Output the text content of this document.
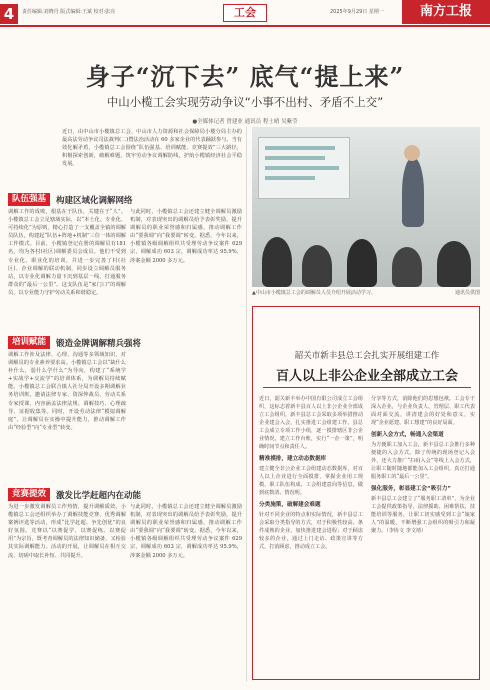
4	责任编辑:刘晓丹 版式编辑:王斌 校对:张亮	工会	2025年9月29日 星期一	南方工报
身子“沉下去” 底气“提上来”
中山小榄工会实现劳动争议“小事不出村、矛盾不上交”
●全媒体记者 曾建业 通讯员 程土晴 吴紫莹
近日，由中山市小榄镇总工会、中山市人力资源和社会保障局小榄分局主办的最高法劳动争议司法裁判(二)暨法治活动在 60 多家企业的代表踊跃参与。当有效化解矛盾，小榄镇总工会围绕“队伍强基、培训赋能、竞赛提效”三大路径，积极探索创新，破解难题，筑牢劳动争议调解防线，护航小榄镇经济社会平稳发展。
队伍强基	构建区域化调解网络
调解工作的成败，根基在于队伍，关键在于“人”。小榄镇总工会立足辖域实际，以“本土化、专业化、可持续化”为原则，精心打造了一支覆盖全镇的调解员队伍，构建起“队伍+阵地+机制”三位一体的调解工作模式。目前，小榄镇登记在册的调解员有181名，均为各村(社区)调解委员会成员。他们不受到专业化、职业化的培训，并进一步完善了村(社区)、企业调解的联动机制，同步设立调解员服务站，以专业化调解力量下沉到基层一线，打通服务群众的“最后一公里”。这支队伍是“家门口”的调解员，以专业能力守护劳动关系和谐稳定。
培训赋能	锻造金牌调解精兵强将
调解工作涉及法律、心理、沟通等多领域知识，对调解员的专业素养要求高。小榄镇总工会以“缺什么补什么，弱什么学什么”为导向，构建了“系统学+实战学+交流学”的培训体系，为调解员持续赋能。小榄镇总工会联合镇人社分局开设多期调解业务培训班，邀请法律专家、资深仲裁员、劳动关系专家授课，内容涵盖法律法规、调解技巧、心理疏导、证据收集等。同时，开设劳动法律“模拟调解庭”，让调解员在实操中提升能力，推动调解工作由“经验型”向“专业型”转变。
与此同时，小榄镇总工会还建立健全调解员激励机制，对表现突出的调解员给予表彰奖励，提升调解员的职业荣誉感和归属感，推动调解工作由“要我调”向“我要调”转变。据悉，今年以来，小榄镇各级调解组织共受理劳动争议案件 629 宗，调解成功 603 宗，调解成功率达 95.9%，涉案金额 2000 多万元。
竞赛提效	激发比学赶超内在动能
为进一步激发调解员工作热情，提升调解质效，小榄镇总工会还组织举办了调解技能竞赛、优秀调解案例评选等活动，形成“比学赶超、争先创优”的良好氛围。竞赛以“以赛促学、以赛促练、以赛促用”为宗旨，既考查调解员的法律知识储备，又检验其实际调解能力。活动的开展，让调解员在相互交流、切磋中取长补短、共同提升。
与此同时，小榄镇总工会还建立健全调解员激励机制，对表现突出的调解员给予表彰奖励，提升调解员的职业荣誉感和归属感，推动调解工作由“要我调”向“我要调”转变。据悉，今年以来，小榄镇各级调解组织共受理劳动争议案件 629 宗，调解成功 603 宗，调解成功率达 95.9%，涉案金额 2000 多万元。
▲中山市小榄镇总工会的调解员人员介绍开展活动学习。	通讯员供图
韶关市新丰县总工会扎实开展组建工作
百人以上非公企业全部成立工会
近日，韶关新丰举办中国有限公司成立工会组织，这标志着新丰县百人以上非公企业全部成立工会组织。新丰县总工会采取多项举措推动企业建会入会，扎实推进工会组建工作。县总工会成立专项工作小组，逐一摸排辖区非公企业情况，建立工作台账，实行“一企一策”，明确时间节点和责任人。
精准摸排，建立动态数据库
建立健全非公企业工会组建动态数据库，对百人以上企业进行全面摸排，掌握企业用工规模、职工队伍构成、工会组建意向等信息，做到底数清、情况明。
分类施策，破解建会难题
针对不同企业的特点和实际情况，新丰县总工会采取分类指导的方式，对于积极性较高、条件成熟的企业，加快推进建会进程；对于顾虑较多的企业，通过上门走访、政策宣讲等方式，打消顾虑，推动成立工会。
分享等方式，消除他们的思想包袱。工会专干深入企业，与企业负责人、管理层、职工代表面对面交流，讲清建会的好处和意义，实现“企业愿建、职工想建”的良好局面。
创新入会方式，畅通入会渠道
为方便职工加入工会，新丰县总工会推行多种便捷的入会方式。除了传统的现场登记入会外，还大力推广“扫码入会”等线上入会方式，让职工随时随地都能加入工会组织，真正打通服务职工的“最后一公里”。
强化服务，彰显建工会“吸引力”
新丰县总工会建立了“服务职工清单”，为企业工会提供政策指导、法律援助、困难帮扶、技能培训等服务，让职工切实感受到工会“娘家人”的温暖，不断增强工会组织的吸引力和凝聚力。（李协文 李文靖）
